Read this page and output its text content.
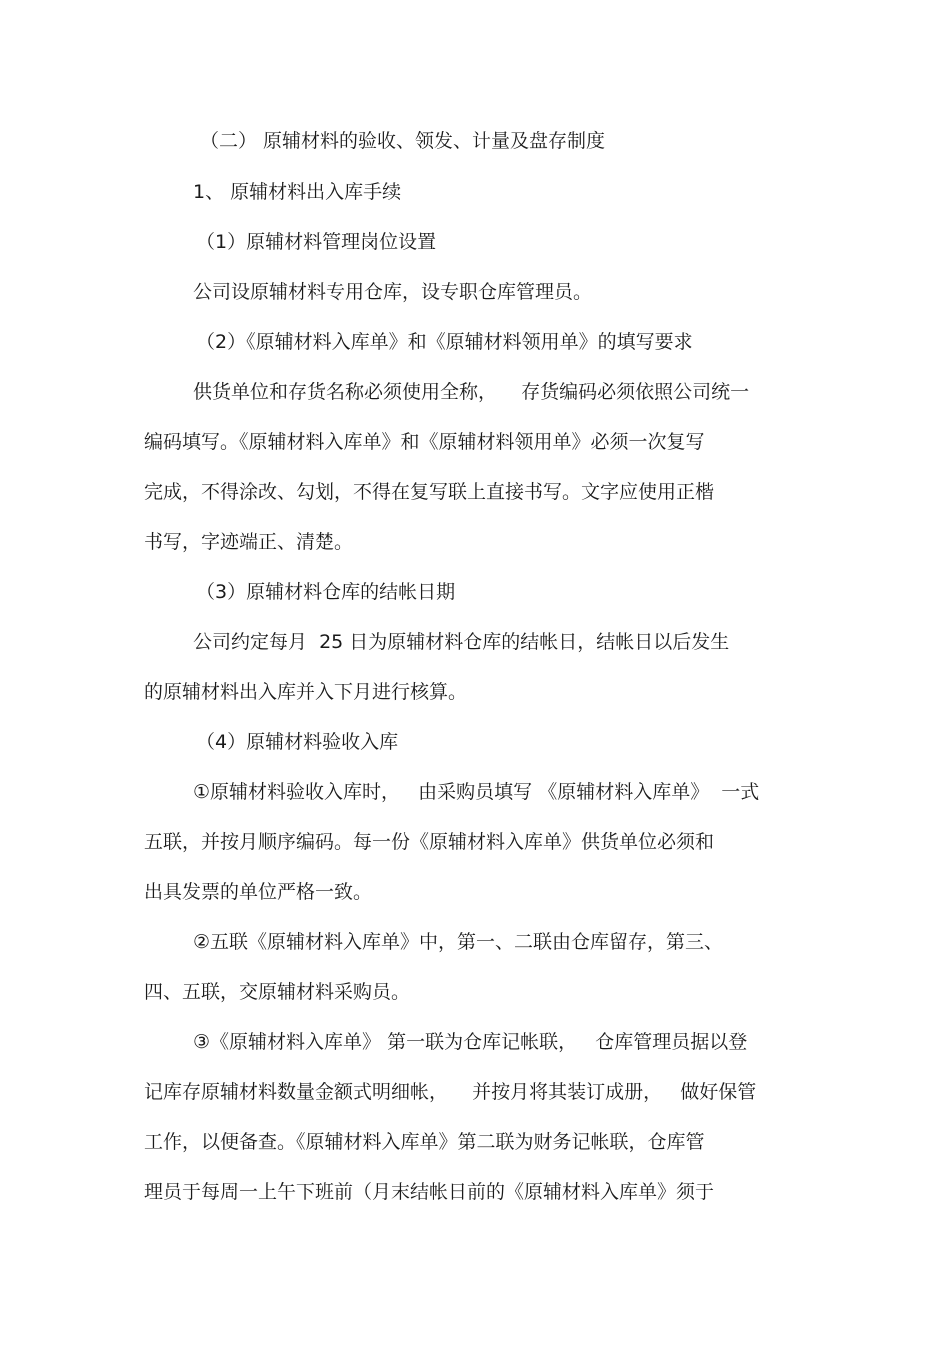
（二） 原辅材料的验收、领发、计量及盘存制度
1、 原辅材料出入库手续
（1）原辅材料管理岗位设置
公司设原辅材料专用仓库，设专职仓库管理员。
（2）《原辅材料入库单》和《原辅材料领用单》的填写要求
供货单位和存货名称必须使用全称，    存货编码必须依照公司统一
编码填写。《原辅材料入库单》和《原辅材料领用单》必须一次复写
完成，不得涂改、勾划，不得在复写联上直接书写。文字应使用正楷
书写，字迹端正、清楚。
（3）原辅材料仓库的结帐日期
公司约定每月  25 日为原辅材料仓库的结帐日，结帐日以后发生
的原辅材料出入库并入下月进行核算。
（4）原辅材料验收入库
①原辅材料验收入库时，   由采购员填写 《原辅材料入库单》  一式
五联，并按月顺序编码。每一份《原辅材料入库单》供货单位必须和
出具发票的单位严格一致。
②五联《原辅材料入库单》中，第一、二联由仓库留存，第三、
四、五联，交原辅材料采购员。
③《原辅材料入库单》 第一联为仓库记帐联，   仓库管理员据以登
记库存原辅材料数量金额式明细帐，    并按月将其装订成册，   做好保管
工作，以便备查。《原辅材料入库单》第二联为财务记帐联，仓库管
理员于每周一上午下班前（月末结帐日前的《原辅材料入库单》须于
